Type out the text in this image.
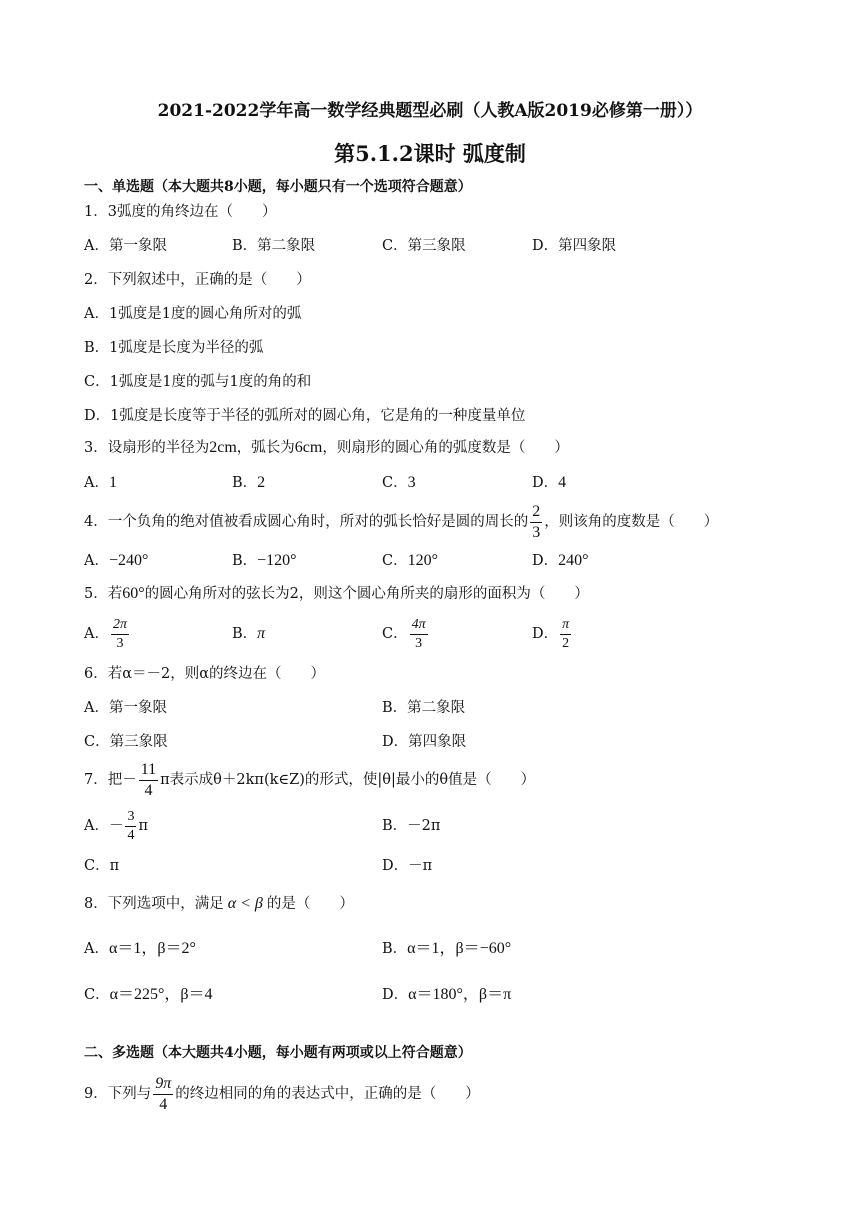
2021-2022学年高一数学经典题型必刷（人教A版2019必修第一册））
第5.1.2课时 弧度制
一、单选题（本大题共8小题，每小题只有一个选项符合题意）
1．3弧度的角终边在（　　）
A．第一象限	B．第二象限	C．第三象限	D．第四象限
2．下列叙述中，正确的是（　　）
A．1弧度是1度的圆心角所对的弧
B．1弧度是长度为半径的弧
C．1弧度是1度的弧与1度的角的和
D．1弧度是长度等于半径的弧所对的圆心角，它是角的一种度量单位
3．设扇形的半径为2cm，弧长为6cm，则扇形的圆心角的弧度数是（　　）
A．1	B．2	C．3	D．4
4．一个负角的绝对值被看成圆心角时，所对的弧长恰好是圆的周长的 $\frac{2}{3}$ ，则该角的度数是（　　）
A．−240°	B．−120°	C．120°	D．240°
5．若60°的圆心角所对的弦长为2，则这个圆心角所夹的扇形的面积为（　　）
A． $\frac{2\pi}{3}$	B．π	C． $\frac{4\pi}{3}$	D． $\frac{\pi}{2}$
6．若α＝－2，则α的终边在（　　）
A．第一象限	B．第二象限
C．第三象限	D．第四象限
7．把－ $\frac{11}{4}$ π表示成θ＋2kπ(k∈Z)的形式，使|θ|最小的θ值是（　　）
A．－ $\frac{3}{4}$ π	B．－2π
C．π	D．－π
8．下列选项中，满足 α < β 的是（　　）
A．α＝1，β＝2°	B．α＝1，β＝−60°
C．α＝225°，β＝4	D．α＝180°，β＝π
二、多选题（本大题共4小题，每小题有两项或以上符合题意）
9．下列与 $\frac{9\pi}{4}$ 的终边相同的角的表达式中，正确的是（　　）
